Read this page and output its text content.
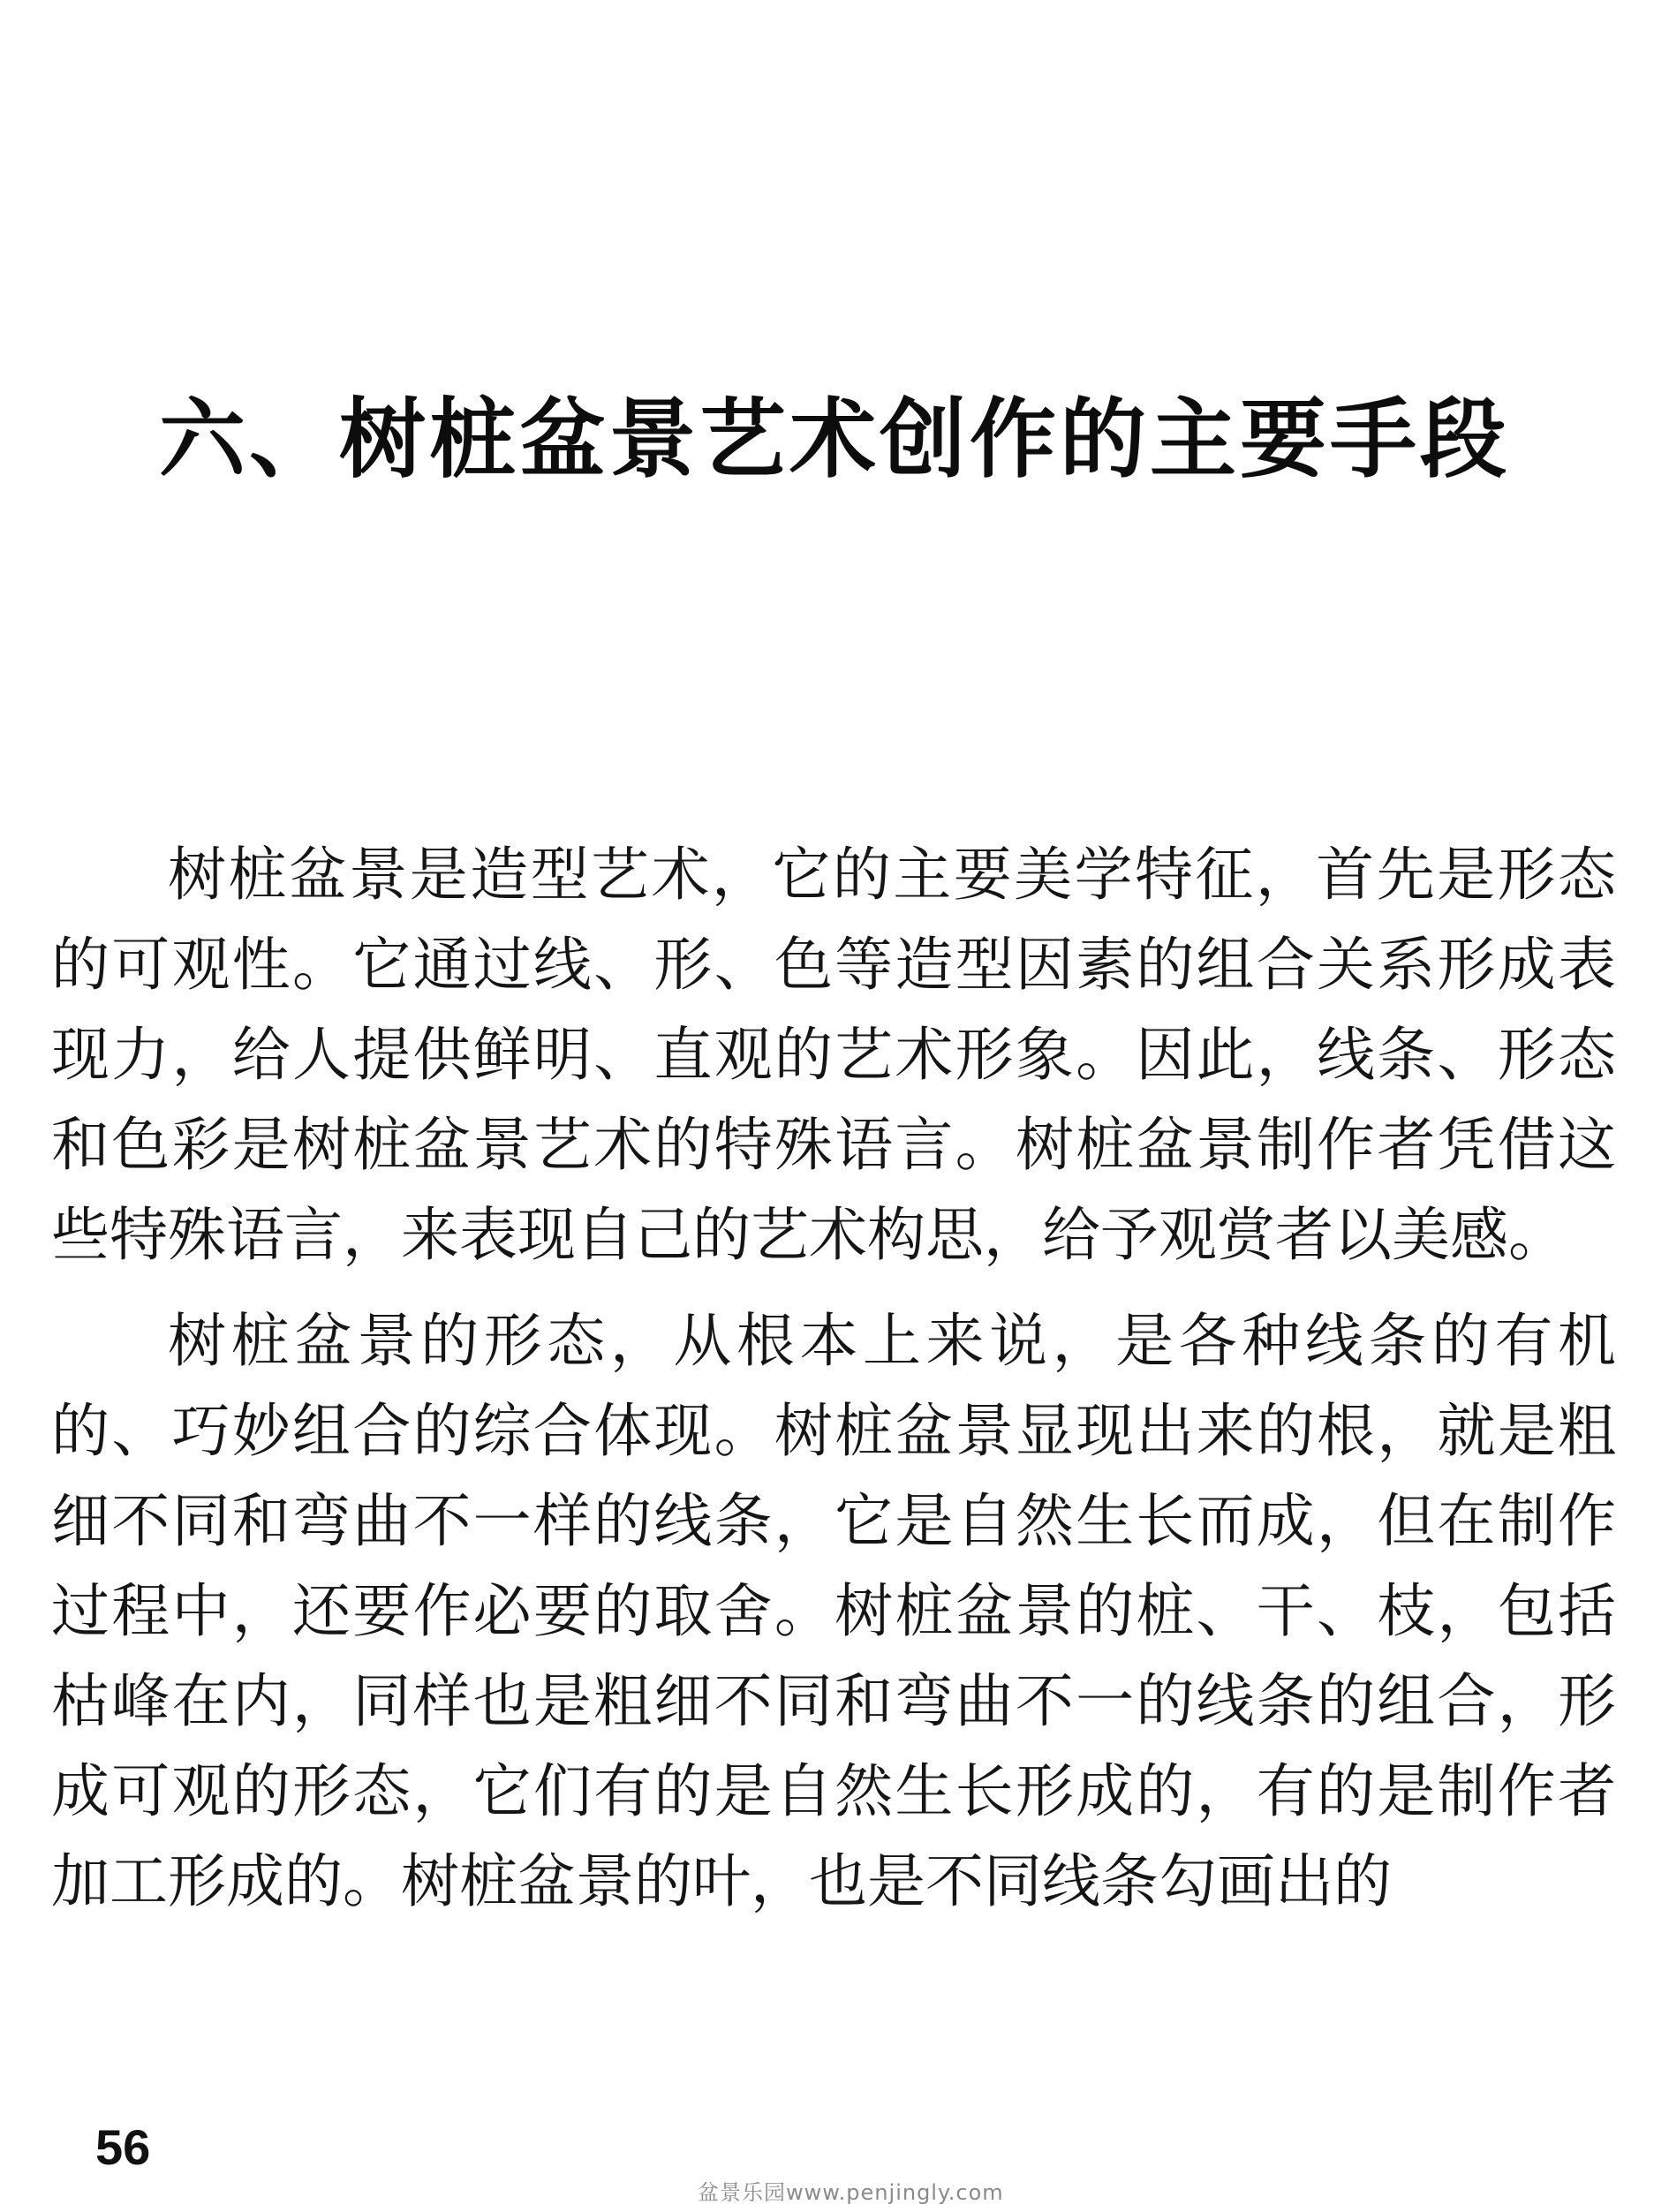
六、树桩盆景艺术创作的主要手段

树桩盆景是造型艺术，它的主要美学特征，首先是形态的可观性。它通过线、形、色等造型因素的组合关系形成表现力，给人提供鲜明、直观的艺术形象。因此，线条、形态和色彩是树桩盆景艺术的特殊语言。树桩盆景制作者凭借这些特殊语言，来表现自己的艺术构思，给予观赏者以美感。

树桩盆景的形态，从根本上来说，是各种线条的有机的、巧妙组合的综合体现。树桩盆景显现出来的根，就是粗细不同和弯曲不一样的线条，它是自然生长而成，但在制作过程中，还要作必要的取舍。树桩盆景的桩、干、枝，包括枯峰在内，同样也是粗细不同和弯曲不一的线条的组合，形成可观的形态，它们有的是自然生长形成的，有的是制作者加工形成的。树桩盆景的叶，也是不同线条勾画出的

56
盆景乐园www.penjingly.com
